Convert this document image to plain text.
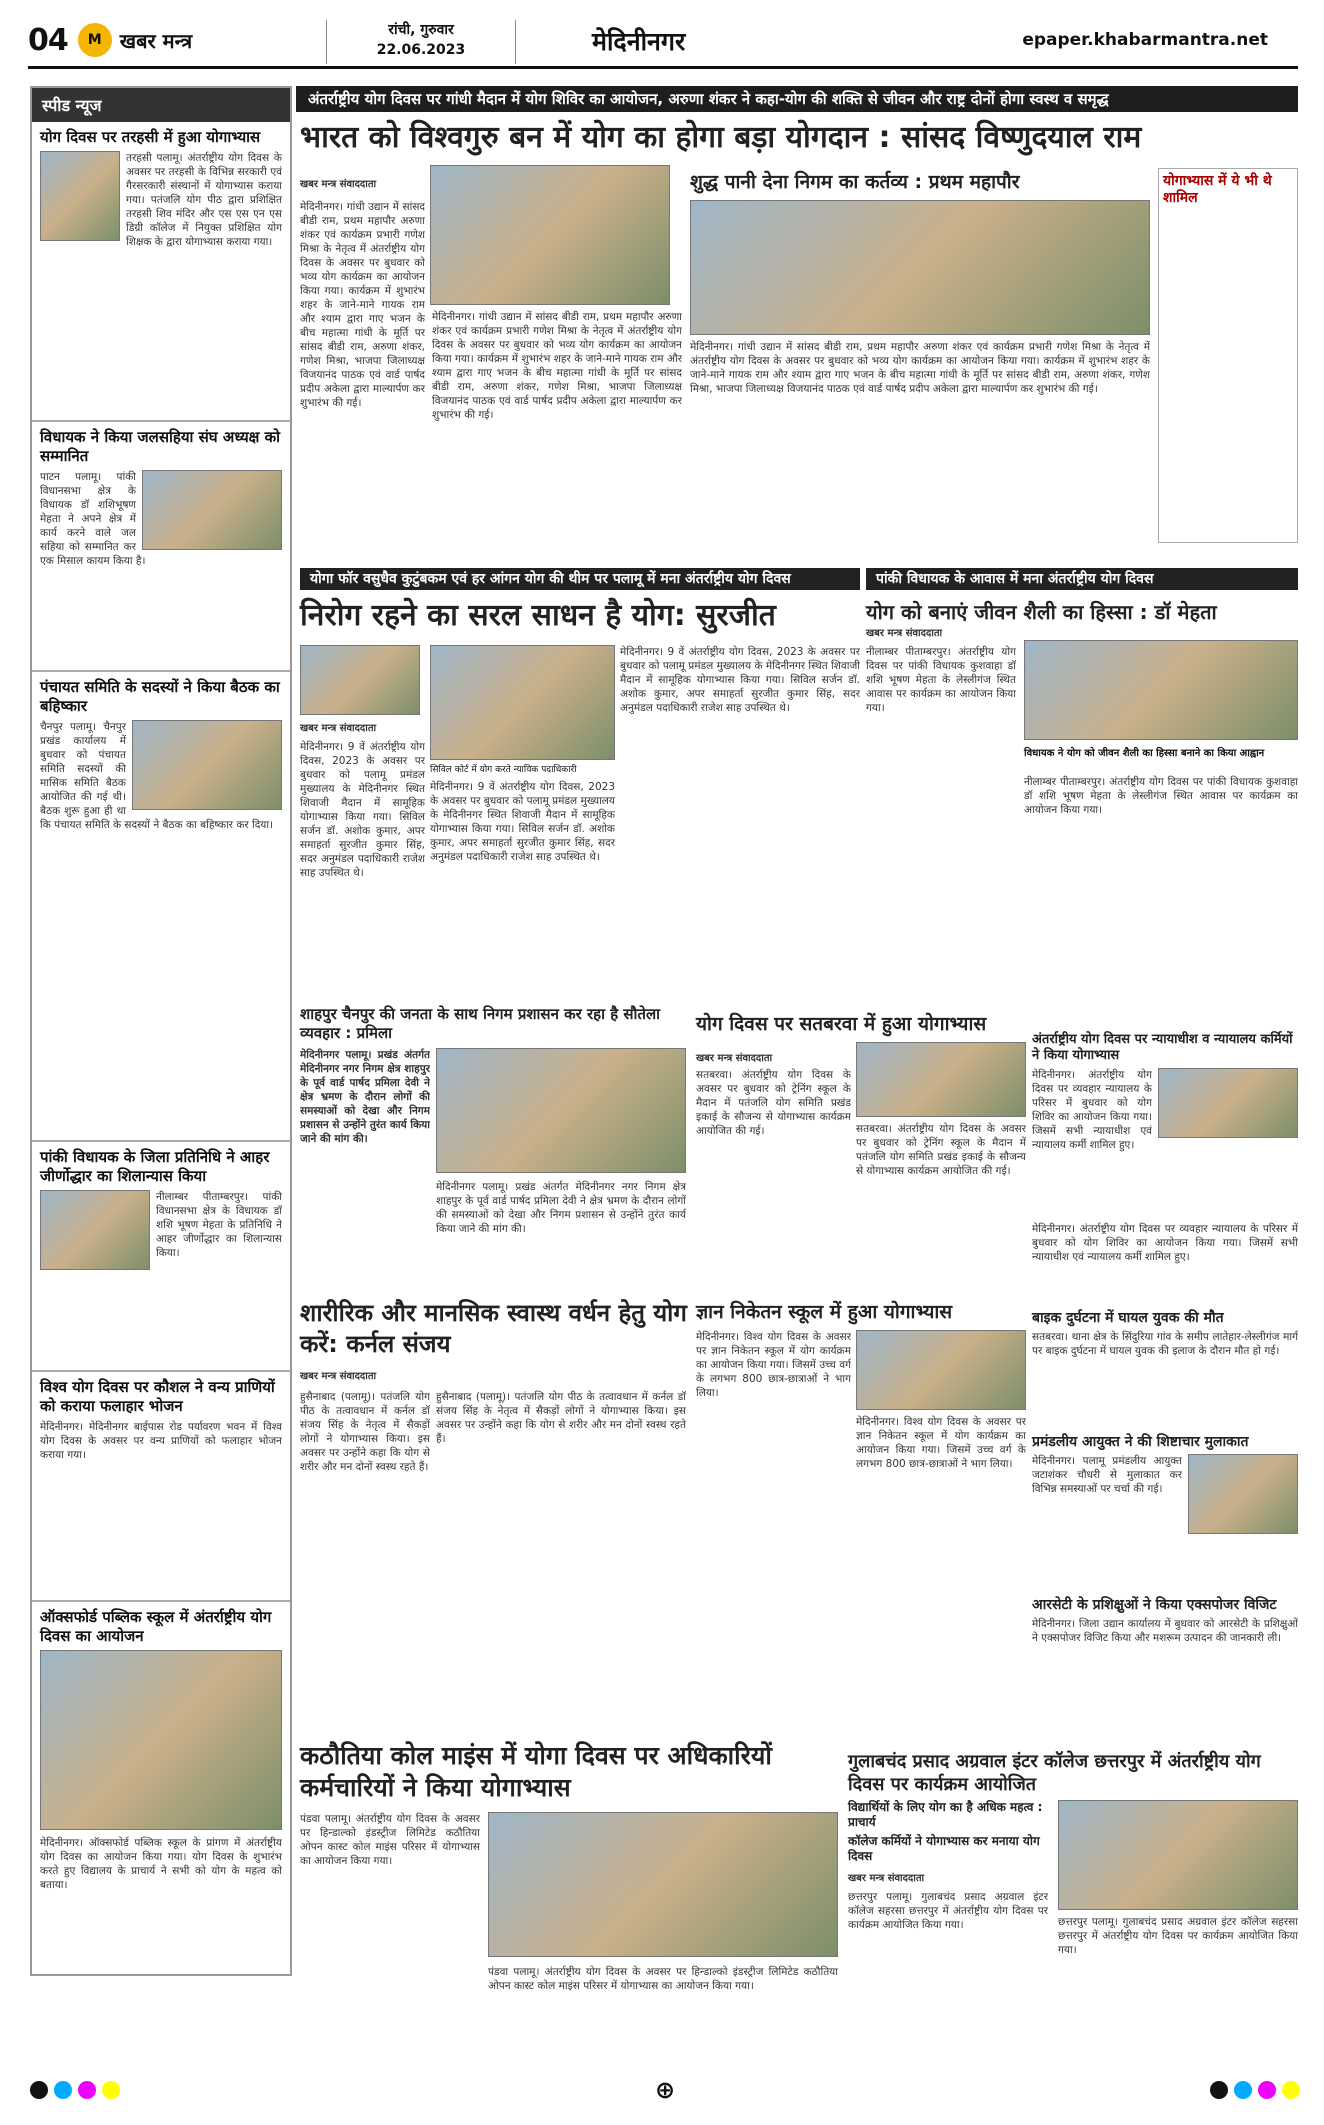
04	M खबर मन्त्र	रांची, गुरुवार
22.06.2023	मेदिनीनगर	epaper.khabarmantra.net
स्पीड न्यूज
योग दिवस पर तरहसी में हुआ योगाभ्यास
तरहसी पलामू। अंतर्राष्ट्रीय योग दिवस के अवसर पर तरहसी के विभिन्न सरकारी एवं गैरसरकारी संस्थानों में योगाभ्यास कराया गया। पतंजलि योग पीठ द्वारा प्रशिक्षित तरहसी शिव मंदिर और एस एस एन एस डिग्री कॉलेज में नियुक्त प्रशिक्षित योग शिक्षक के द्वारा योगाभ्यास कराया गया।
विधायक ने किया जलसहिया संघ अध्यक्ष को सम्मानित
पाटन पलामू। पांकी विधानसभा क्षेत्र के विधायक डॉ शशिभूषण मेहता ने अपने क्षेत्र में कार्य करने वाले जल सहिया को सम्मानित कर एक मिसाल कायम किया है।
पंचायत समिति के सदस्यों ने किया बैठक का बहिष्कार
चैनपुर पलामू। चैनपुर प्रखंड कार्यालय में बुधवार को पंचायत समिति सदस्यों की मासिक समिति बैठक आयोजित की गई थी। बैठक शुरू हुआ ही था कि पंचायत समिति के सदस्यों ने बैठक का बहिष्कार कर दिया।
पांकी विधायक के जिला प्रतिनिधि ने आहर जीर्णोद्धार का शिलान्यास किया
नीलाम्बर पीताम्बरपुर। पांकी विधानसभा क्षेत्र के विधायक डॉ शशि भूषण मेहता के प्रतिनिधि ने आहर जीर्णोद्धार का शिलान्यास किया।
विश्व योग दिवस पर कौशल ने वन्य प्राणियों को कराया फलाहार भोजन
मेदिनीनगर। मेदिनीनगर बाईपास रोड पर्यावरण भवन में विश्व योग दिवस के अवसर पर वन्य प्राणियों को फलाहार भोजन कराया गया।
ऑक्सफोर्ड पब्लिक स्कूल में अंतर्राष्ट्रीय योग दिवस का आयोजन
मेदिनीनगर। ऑक्सफोर्ड पब्लिक स्कूल के प्रांगण में अंतर्राष्ट्रीय योग दिवस का आयोजन किया गया। योग दिवस के शुभारंभ करते हुए विद्यालय के प्राचार्य ने सभी को योग के महत्व को बताया।
अंतर्राष्ट्रीय योग दिवस पर गांधी मैदान में योग शिविर का आयोजन, अरुणा शंकर ने कहा-योग की शक्ति से जीवन और राष्ट्र दोनों होगा स्वस्थ व समृद्ध
भारत को विश्वगुरु बन में योग का होगा बड़ा योगदान : सांसद विष्णुदयाल राम
खबर मन्त्र संवाददाता	शुद्ध पानी देना निगम का कर्तव्य : प्रथम महापौर	योगाभ्यास में ये भी थे शामिल
मेदिनीनगर। गांधी उद्यान में सांसद बीडी राम, प्रथम महापौर अरुणा शंकर एवं कार्यक्रम प्रभारी गणेश मिश्रा के नेतृत्व में अंतर्राष्ट्रीय योग दिवस के अवसर पर बुधवार को भव्य योग कार्यक्रम का आयोजन किया गया। कार्यक्रम में शुभारंभ शहर के जाने-माने गायक राम और श्याम द्वारा गाए भजन के बीच महात्मा गांधी के मूर्ति पर सांसद बीडी राम, अरुणा शंकर, गणेश मिश्रा, भाजपा जिलाध्यक्ष विजयानंद पाठक एवं वार्ड पार्षद प्रदीप अकेला द्वारा माल्यार्पण कर शुभारंभ की गई।
मेदिनीनगर। गांधी उद्यान में सांसद बीडी राम, प्रथम महापौर अरुणा शंकर एवं कार्यक्रम प्रभारी गणेश मिश्रा के नेतृत्व में अंतर्राष्ट्रीय योग दिवस के अवसर पर बुधवार को भव्य योग कार्यक्रम का आयोजन किया गया। कार्यक्रम में शुभारंभ शहर के जाने-माने गायक राम और श्याम द्वारा गाए भजन के बीच महात्मा गांधी के मूर्ति पर सांसद बीडी राम, अरुणा शंकर, गणेश मिश्रा, भाजपा जिलाध्यक्ष विजयानंद पाठक एवं वार्ड पार्षद प्रदीप अकेला द्वारा माल्यार्पण कर शुभारंभ की गई।
मेदिनीनगर। गांधी उद्यान में सांसद बीडी राम, प्रथम महापौर अरुणा शंकर एवं कार्यक्रम प्रभारी गणेश मिश्रा के नेतृत्व में अंतर्राष्ट्रीय योग दिवस के अवसर पर बुधवार को भव्य योग कार्यक्रम का आयोजन किया गया। कार्यक्रम में शुभारंभ शहर के जाने-माने गायक राम और श्याम द्वारा गाए भजन के बीच महात्मा गांधी के मूर्ति पर सांसद बीडी राम, अरुणा शंकर, गणेश मिश्रा, भाजपा जिलाध्यक्ष विजयानंद पाठक एवं वार्ड पार्षद प्रदीप अकेला द्वारा माल्यार्पण कर शुभारंभ की गई।
योगा फॉर वसुधैव कुटुंबकम एवं हर आंगन योग की थीम पर पलामू में मना अंतर्राष्ट्रीय योग दिवस	पांकी विधायक के आवास में मना अंतर्राष्ट्रीय योग दिवस
निरोग रहने का सरल साधन है योग: सुरजीत
खबर मन्त्र संवाददाता
सिविल कोर्ट में योग करते न्यायिक पदाधिकारी
मेदिनीनगर। 9 वें अंतर्राष्ट्रीय योग दिवस, 2023 के अवसर पर बुधवार को पलामू प्रमंडल मुख्यालय के मेदिनीनगर स्थित शिवाजी मैदान में सामूहिक योगाभ्यास किया गया। सिविल सर्जन डॉ. अशोक कुमार, अपर समाहर्ता सुरजीत कुमार सिंह, सदर अनुमंडल पदाधिकारी राजेश साह उपस्थित थे।
मेदिनीनगर। 9 वें अंतर्राष्ट्रीय योग दिवस, 2023 के अवसर पर बुधवार को पलामू प्रमंडल मुख्यालय के मेदिनीनगर स्थित शिवाजी मैदान में सामूहिक योगाभ्यास किया गया। सिविल सर्जन डॉ. अशोक कुमार, अपर समाहर्ता सुरजीत कुमार सिंह, सदर अनुमंडल पदाधिकारी राजेश साह उपस्थित थे।
मेदिनीनगर। 9 वें अंतर्राष्ट्रीय योग दिवस, 2023 के अवसर पर बुधवार को पलामू प्रमंडल मुख्यालय के मेदिनीनगर स्थित शिवाजी मैदान में सामूहिक योगाभ्यास किया गया। सिविल सर्जन डॉ. अशोक कुमार, अपर समाहर्ता सुरजीत कुमार सिंह, सदर अनुमंडल पदाधिकारी राजेश साह उपस्थित थे।
योग को बनाएं जीवन शैली का हिस्सा : डॉ मेहता
खबर मन्त्र संवाददाता
नीलाम्बर पीताम्बरपुर। अंतर्राष्ट्रीय योग दिवस पर पांकी विधायक कुशवाहा डॉ शशि भूषण मेहता के लेस्लीगंज स्थित आवास पर कार्यक्रम का आयोजन किया गया।
विधायक ने योग को जीवन शैली का हिस्सा बनाने का किया आह्वान
नीलाम्बर पीताम्बरपुर। अंतर्राष्ट्रीय योग दिवस पर पांकी विधायक कुशवाहा डॉ शशि भूषण मेहता के लेस्लीगंज स्थित आवास पर कार्यक्रम का आयोजन किया गया।
शाहपुर चैनपुर की जनता के साथ निगम प्रशासन कर रहा है सौतेला व्यवहार : प्रमिला
मेदिनीनगर पलामू। प्रखंड अंतर्गत मेदिनीनगर नगर निगम क्षेत्र शाहपुर के पूर्व वार्ड पार्षद प्रमिला देवी ने क्षेत्र भ्रमण के दौरान लोगों की समस्याओं को देखा और निगम प्रशासन से उन्होंने तुरंत कार्य किया जाने की मांग की।
मेदिनीनगर पलामू। प्रखंड अंतर्गत मेदिनीनगर नगर निगम क्षेत्र शाहपुर के पूर्व वार्ड पार्षद प्रमिला देवी ने क्षेत्र भ्रमण के दौरान लोगों की समस्याओं को देखा और निगम प्रशासन से उन्होंने तुरंत कार्य किया जाने की मांग की।
योग दिवस पर सतबरवा में हुआ योगाभ्यास
खबर मन्त्र संवाददाता
सतबरवा। अंतर्राष्ट्रीय योग दिवस के अवसर पर बुधवार को ट्रेनिंग स्कूल के मैदान में पतंजलि योग समिति प्रखंड इकाई के सौजन्य से योगाभ्यास कार्यक्रम आयोजित की गई।	सतबरवा। अंतर्राष्ट्रीय योग दिवस के अवसर पर बुधवार को ट्रेनिंग स्कूल के मैदान में पतंजलि योग समिति प्रखंड इकाई के सौजन्य से योगाभ्यास कार्यक्रम आयोजित की गई।
अंतर्राष्ट्रीय योग दिवस पर न्यायाधीश व न्यायालय कर्मियों ने किया योगाभ्यास
मेदिनीनगर। अंतर्राष्ट्रीय योग दिवस पर व्यवहार न्यायालय के परिसर में बुधवार को योग शिविर का आयोजन किया गया। जिसमें सभी न्यायाधीश एवं न्यायालय कर्मी शामिल हुए।
मेदिनीनगर। अंतर्राष्ट्रीय योग दिवस पर व्यवहार न्यायालय के परिसर में बुधवार को योग शिविर का आयोजन किया गया। जिसमें सभी न्यायाधीश एवं न्यायालय कर्मी शामिल हुए।
बाइक दुर्घटना में घायल युवक की मौत
सतबरवा। थाना क्षेत्र के सिंदुरिया गांव के समीप लातेहार-लेस्लीगंज मार्ग पर बाइक दुर्घटना में घायल युवक की इलाज के दौरान मौत हो गई।
प्रमंडलीय आयुक्त ने की शिष्टाचार मुलाकात
मेदिनीनगर। पलामू प्रमंडलीय आयुक्त जटाशंकर चौधरी से मुलाकात कर विभिन्न समस्याओं पर चर्चा की गई।
आरसेटी के प्रशिक्षुओं ने किया एक्सपोजर विजिट
मेदिनीनगर। जिला उद्यान कार्यालय में बुधवार को आरसेटी के प्रशिक्षुओं ने एक्सपोजर विजिट किया और मशरूम उत्पादन की जानकारी ली।
शारीरिक और मानसिक स्वास्थ वर्धन हेतु योग करें: कर्नल संजय
खबर मन्त्र संवाददाता
हुसैनाबाद (पलामू)। पतंजलि योग पीठ के तत्वावधान में कर्नल डॉ संजय सिंह के नेतृत्व में सैकड़ों लोगों ने योगाभ्यास किया। इस अवसर पर उन्होंने कहा कि योग से शरीर और मन दोनों स्वस्थ रहते हैं।
हुसैनाबाद (पलामू)। पतंजलि योग पीठ के तत्वावधान में कर्नल डॉ संजय सिंह के नेतृत्व में सैकड़ों लोगों ने योगाभ्यास किया। इस अवसर पर उन्होंने कहा कि योग से शरीर और मन दोनों स्वस्थ रहते हैं।
ज्ञान निकेतन स्कूल में हुआ योगाभ्यास
मेदिनीनगर। विश्व योग दिवस के अवसर पर ज्ञान निकेतन स्कूल में योग कार्यक्रम का आयोजन किया गया। जिसमें उच्च वर्ग के लगभग 800 छात्र-छात्राओं ने भाग लिया।
मेदिनीनगर। विश्व योग दिवस के अवसर पर ज्ञान निकेतन स्कूल में योग कार्यक्रम का आयोजन किया गया। जिसमें उच्च वर्ग के लगभग 800 छात्र-छात्राओं ने भाग लिया।
कठौतिया कोल माइंस में योगा दिवस पर अधिकारियों कर्मचारियों ने किया योगाभ्यास
पंडवा पलामू। अंतर्राष्ट्रीय योग दिवस के अवसर पर हिन्डाल्को इंडस्ट्रीज लिमिटेड कठौतिया ओपन कास्ट कोल माइंस परिसर में योगाभ्यास का आयोजन किया गया।
पंडवा पलामू। अंतर्राष्ट्रीय योग दिवस के अवसर पर हिन्डाल्को इंडस्ट्रीज लिमिटेड कठौतिया ओपन कास्ट कोल माइंस परिसर में योगाभ्यास का आयोजन किया गया।
गुलाबचंद प्रसाद अग्रवाल इंटर कॉलेज छत्तरपुर में अंतर्राष्ट्रीय योग दिवस पर कार्यक्रम आयोजित
विद्यार्थियों के लिए योग का है अधिक महत्व : प्राचार्य
कॉलेज कर्मियों ने योगाभ्यास कर मनाया योग दिवस
खबर मन्त्र संवाददाता
छत्तरपुर पलामू। गुलाबचंद प्रसाद अग्रवाल इंटर कॉलेज सहरसा छत्तरपुर में अंतर्राष्ट्रीय योग दिवस पर कार्यक्रम आयोजित किया गया।	छत्तरपुर पलामू। गुलाबचंद प्रसाद अग्रवाल इंटर कॉलेज सहरसा छत्तरपुर में अंतर्राष्ट्रीय योग दिवस पर कार्यक्रम आयोजित किया गया।
⊕
